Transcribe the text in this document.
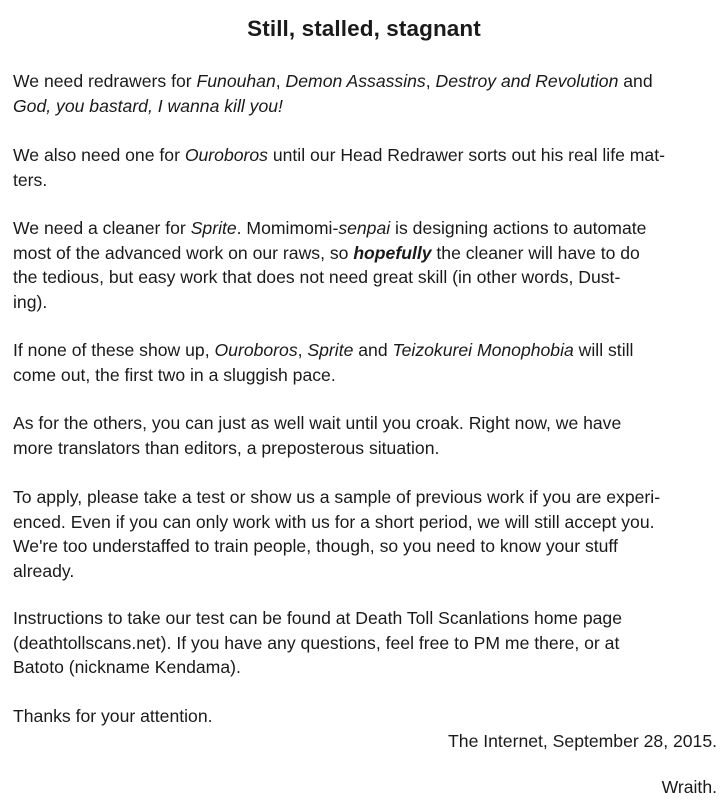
Still, stalled, stagnant
We need redrawers for Funouhan, Demon Assassins, Destroy and Revolution and
God, you bastard, I wanna kill you!
We also need one for Ouroboros until our Head Redrawer sorts out his real life mat-
ters.
We need a cleaner for Sprite. Momimomi-senpai is designing actions to automate
most of the advanced work on our raws, so hopefully the cleaner will have to do
the tedious, but easy work that does not need great skill (in other words, Dust-
ing).
If none of these show up, Ouroboros, Sprite and Teizokurei Monophobia will still
come out, the first two in a sluggish pace.
As for the others, you can just as well wait until you croak. Right now, we have
more translators than editors, a preposterous situation.
To apply, please take a test or show us a sample of previous work if you are experi-
enced. Even if you can only work with us for a short period, we will still accept you.
We're too understaffed to train people, though, so you need to know your stuff
already.
Instructions to take our test can be found at Death Toll Scanlations home page
(deathtollscans.net). If you have any questions, feel free to PM me there, or at
Batoto (nickname Kendama).
Thanks for your attention.
The Internet, September 28, 2015.
Wraith.
